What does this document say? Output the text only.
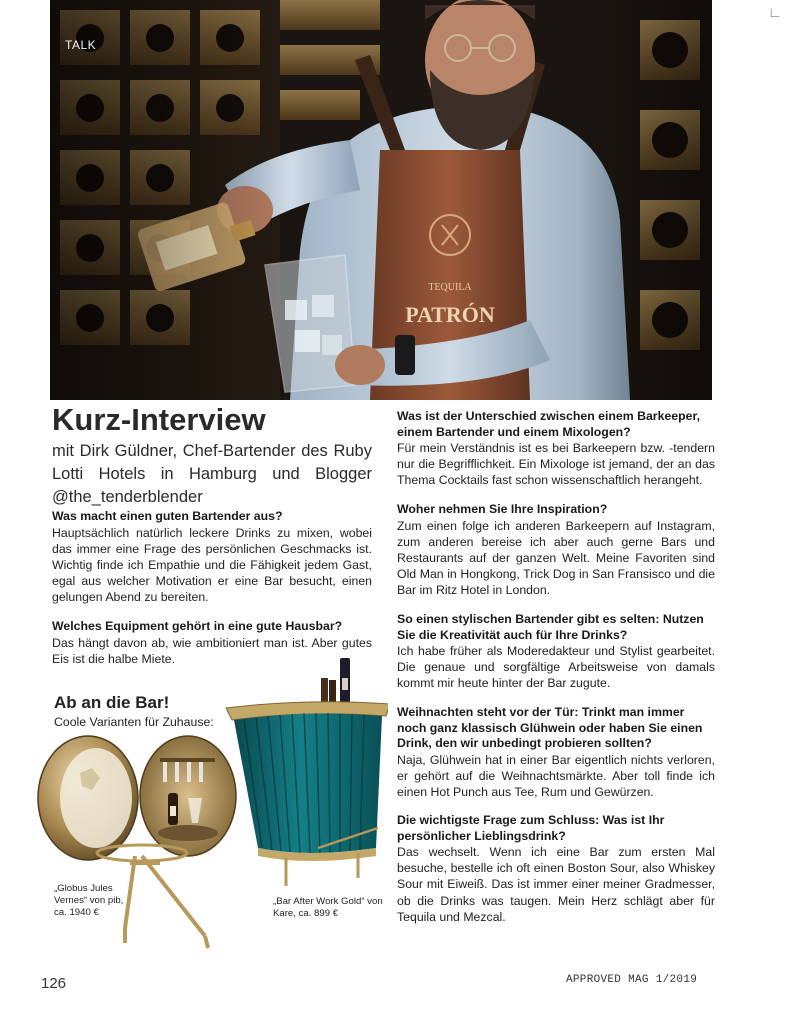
TALK
Kurz-Interview
mit Dirk Güldner, Chef-Bartender des Ruby Lotti Hotels in Hamburg und Blogger @the_tenderblender
Was macht einen guten Bartender aus?
Hauptsächlich natürlich leckere Drinks zu mixen, wobei das immer eine Frage des persönlichen Geschmacks ist. Wichtig finde ich Empathie und die Fähigkeit jedem Gast, egal aus welcher Motivation er eine Bar besucht, einen gelungen Abend zu bereiten.
Welches Equipment gehört in eine gute Hausbar?
Das hängt davon ab, wie ambitioniert man ist. Aber gutes Eis ist die halbe Miete.
Ab an die Bar!
Coole Varianten für Zuhause:
„Globus Jules Vernes“ von pib, ca. 1940 €
„Bar After Work Gold“ von Kare, ca. 899 €
Was ist der Unterschied zwischen einem Barkeeper, einem Bartender und einem Mixologen?
Für mein Verständnis ist es bei Barkeepern bzw. -tendern nur die Begrifflichkeit. Ein Mixologe ist jemand, der an das Thema Cocktails fast schon wissenschaftlich herangeht.
Woher nehmen Sie Ihre Inspiration?
Zum einen folge ich anderen Barkeepern auf Instagram, zum anderen bereise ich aber auch gerne Bars und Restaurants auf der ganzen Welt. Meine Favoriten sind Old Man in Hongkong, Trick Dog in San Fransisco und die Bar im Ritz Hotel in London.
So einen stylischen Bartender gibt es selten: Nutzen Sie die Kreativität auch für Ihre Drinks?
Ich habe früher als Moderedakteur und Stylist gearbeitet. Die genaue und sorgfältige Arbeitsweise von damals kommt mir heute hinter der Bar zugute.
Weihnachten steht vor der Tür: Trinkt man immer noch ganz klassisch Glühwein oder haben Sie einen Drink, den wir unbedingt probieren sollten?
Naja, Glühwein hat in einer Bar eigentlich nichts verloren, er gehört auf die Weihnachtsmärkte. Aber toll finde ich einen Hot Punch aus Tee, Rum und Gewürzen.
Die wichtigste Frage zum Schluss: Was ist Ihr persönlicher Lieblingsdrink?
Das wechselt. Wenn ich eine Bar zum ersten Mal besuche, bestelle ich oft einen Boston Sour, also Whiskey Sour mit Eiweiß. Das ist immer einer meiner Gradmesser, ob die Drinks was taugen. Mein Herz schlägt aber für Tequila und Mezcal.
126	APPROVED MAG 1/2019
∟
